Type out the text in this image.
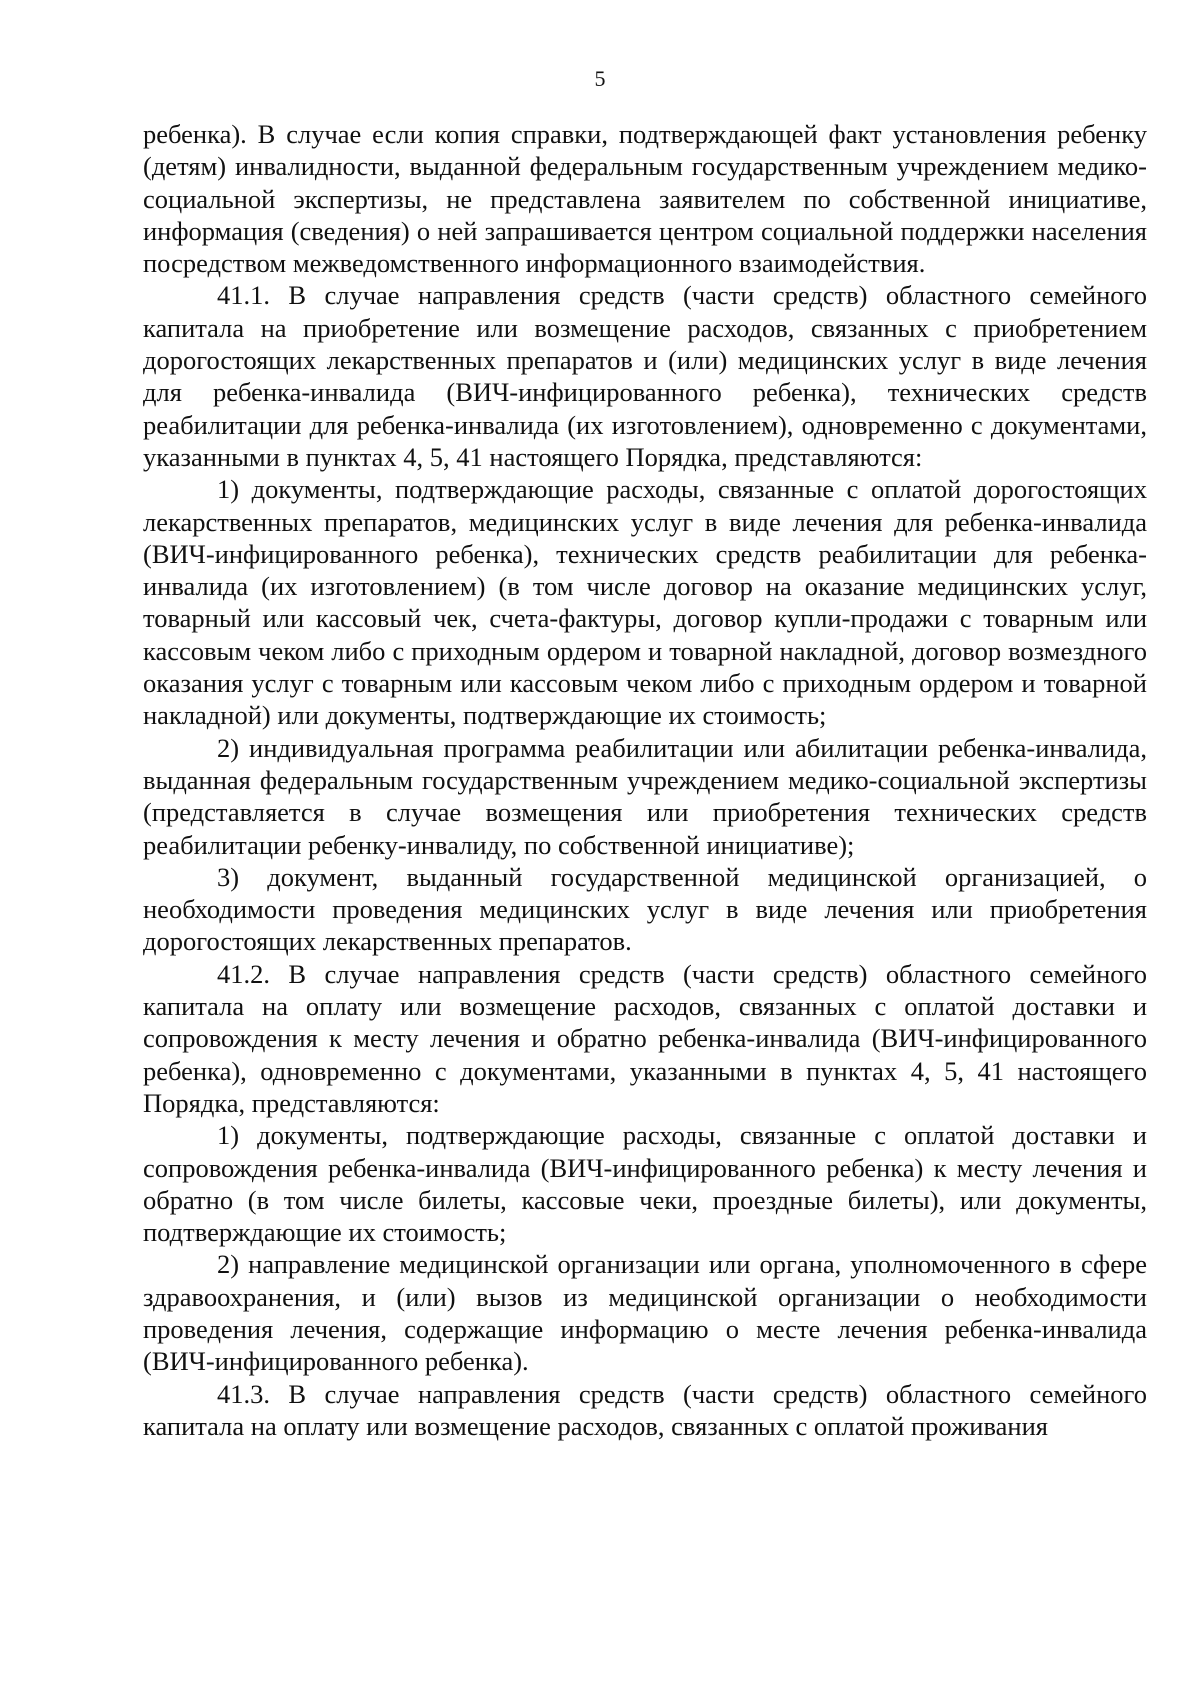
5

ребенка). В случае если копия справки, подтверждающей факт установления ребенку (детям) инвалидности, выданной федеральным государственным учреждением медико-социальной экспертизы, не представлена заявителем по собственной инициативе, информация (сведения) о ней запрашивается центром социальной поддержки населения посредством межведомственного информационного взаимодействия.

41.1. В случае направления средств (части средств) областного семейного капитала на приобретение или возмещение расходов, связанных с приобретением дорогостоящих лекарственных препаратов и (или) медицинских услуг в виде лечения для ребенка-инвалида (ВИЧ-инфицированного ребенка), технических средств реабилитации для ребенка-инвалида (их изготовлением), одновременно с документами, указанными в пунктах 4, 5, 41 настоящего Порядка, представляются:

1) документы, подтверждающие расходы, связанные с оплатой дорогостоящих лекарственных препаратов, медицинских услуг в виде лечения для ребенка-инвалида (ВИЧ-инфицированного ребенка), технических средств реабилитации для ребенка-инвалида (их изготовлением) (в том числе договор на оказание медицинских услуг, товарный или кассовый чек, счета-фактуры, договор купли-продажи с товарным или кассовым чеком либо с приходным ордером и товарной накладной, договор возмездного оказания услуг с товарным или кассовым чеком либо с приходным ордером и товарной накладной) или документы, подтверждающие их стоимость;

2) индивидуальная программа реабилитации или абилитации ребенка-инвалида, выданная федеральным государственным учреждением медико-социальной экспертизы (представляется в случае возмещения или приобретения технических средств реабилитации ребенку-инвалиду, по собственной инициативе);

3) документ, выданный государственной медицинской организацией, о необходимости проведения медицинских услуг в виде лечения или приобретения дорогостоящих лекарственных препаратов.

41.2. В случае направления средств (части средств) областного семейного капитала на оплату или возмещение расходов, связанных с оплатой доставки и сопровождения к месту лечения и обратно ребенка-инвалида (ВИЧ-инфицированного ребенка), одновременно с документами, указанными в пунктах 4, 5, 41 настоящего Порядка, представляются:

1) документы, подтверждающие расходы, связанные с оплатой доставки и сопровождения ребенка-инвалида (ВИЧ-инфицированного ребенка) к месту лечения и обратно (в том числе билеты, кассовые чеки, проездные билеты), или документы, подтверждающие их стоимость;

2) направление медицинской организации или органа, уполномоченного в сфере здравоохранения, и (или) вызов из медицинской организации о необходимости проведения лечения, содержащие информацию о месте лечения ребенка-инвалида (ВИЧ-инфицированного ребенка).

41.3. В случае направления средств (части средств) областного семейного капитала на оплату или возмещение расходов, связанных с оплатой проживания
